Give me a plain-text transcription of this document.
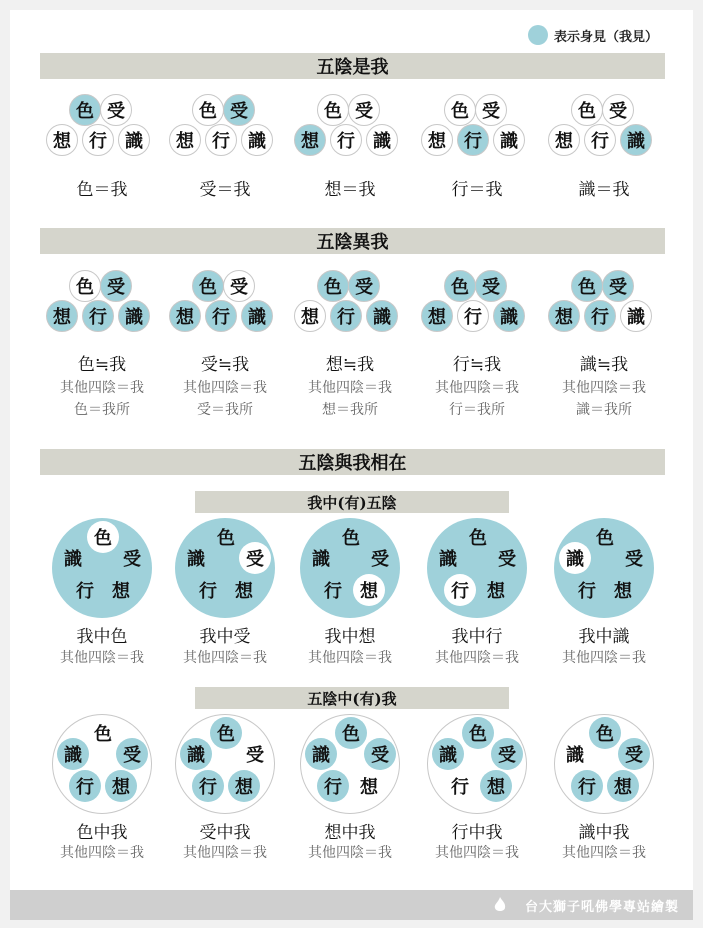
表示身見（我見）
五陰是我
五陰異我
五陰與我相在
我中(有)五陰
五陰中(有)我
色 受
想	行	識
色＝我
色 受
想	行	識
受＝我
色 受
想	行	識
想＝我
色 受
想	行	識
行＝我
色 受
想	行	識
識＝我
色 受
想	行	識
色≒我
其他四陰＝我
色＝我所
色 受
想	行	識
受≒我
其他四陰＝我
受＝我所
色 受
想	行	識
想≒我
其他四陰＝我
想＝我所
色 受
想	行	識
行≒我
其他四陰＝我
行＝我所
色 受
想	行	識
識≒我
其他四陰＝我
識＝我所
色
受
想
行
識
我中色
其他四陰＝我
色
受
想
行
識
我中受
其他四陰＝我
色
受
想
行
識
我中想
其他四陰＝我
色
受
想
行
識
我中行
其他四陰＝我
色
受
想
行
識
我中識
其他四陰＝我
色
受
想
行
識
色中我
其他四陰＝我
色
受
想
行
識
受中我
其他四陰＝我
色
受
想
行
識
想中我
其他四陰＝我
色
受
想
行
識
行中我
其他四陰＝我
色
受
想
行
識
識中我
其他四陰＝我
台大獅子吼佛學專站繪製
